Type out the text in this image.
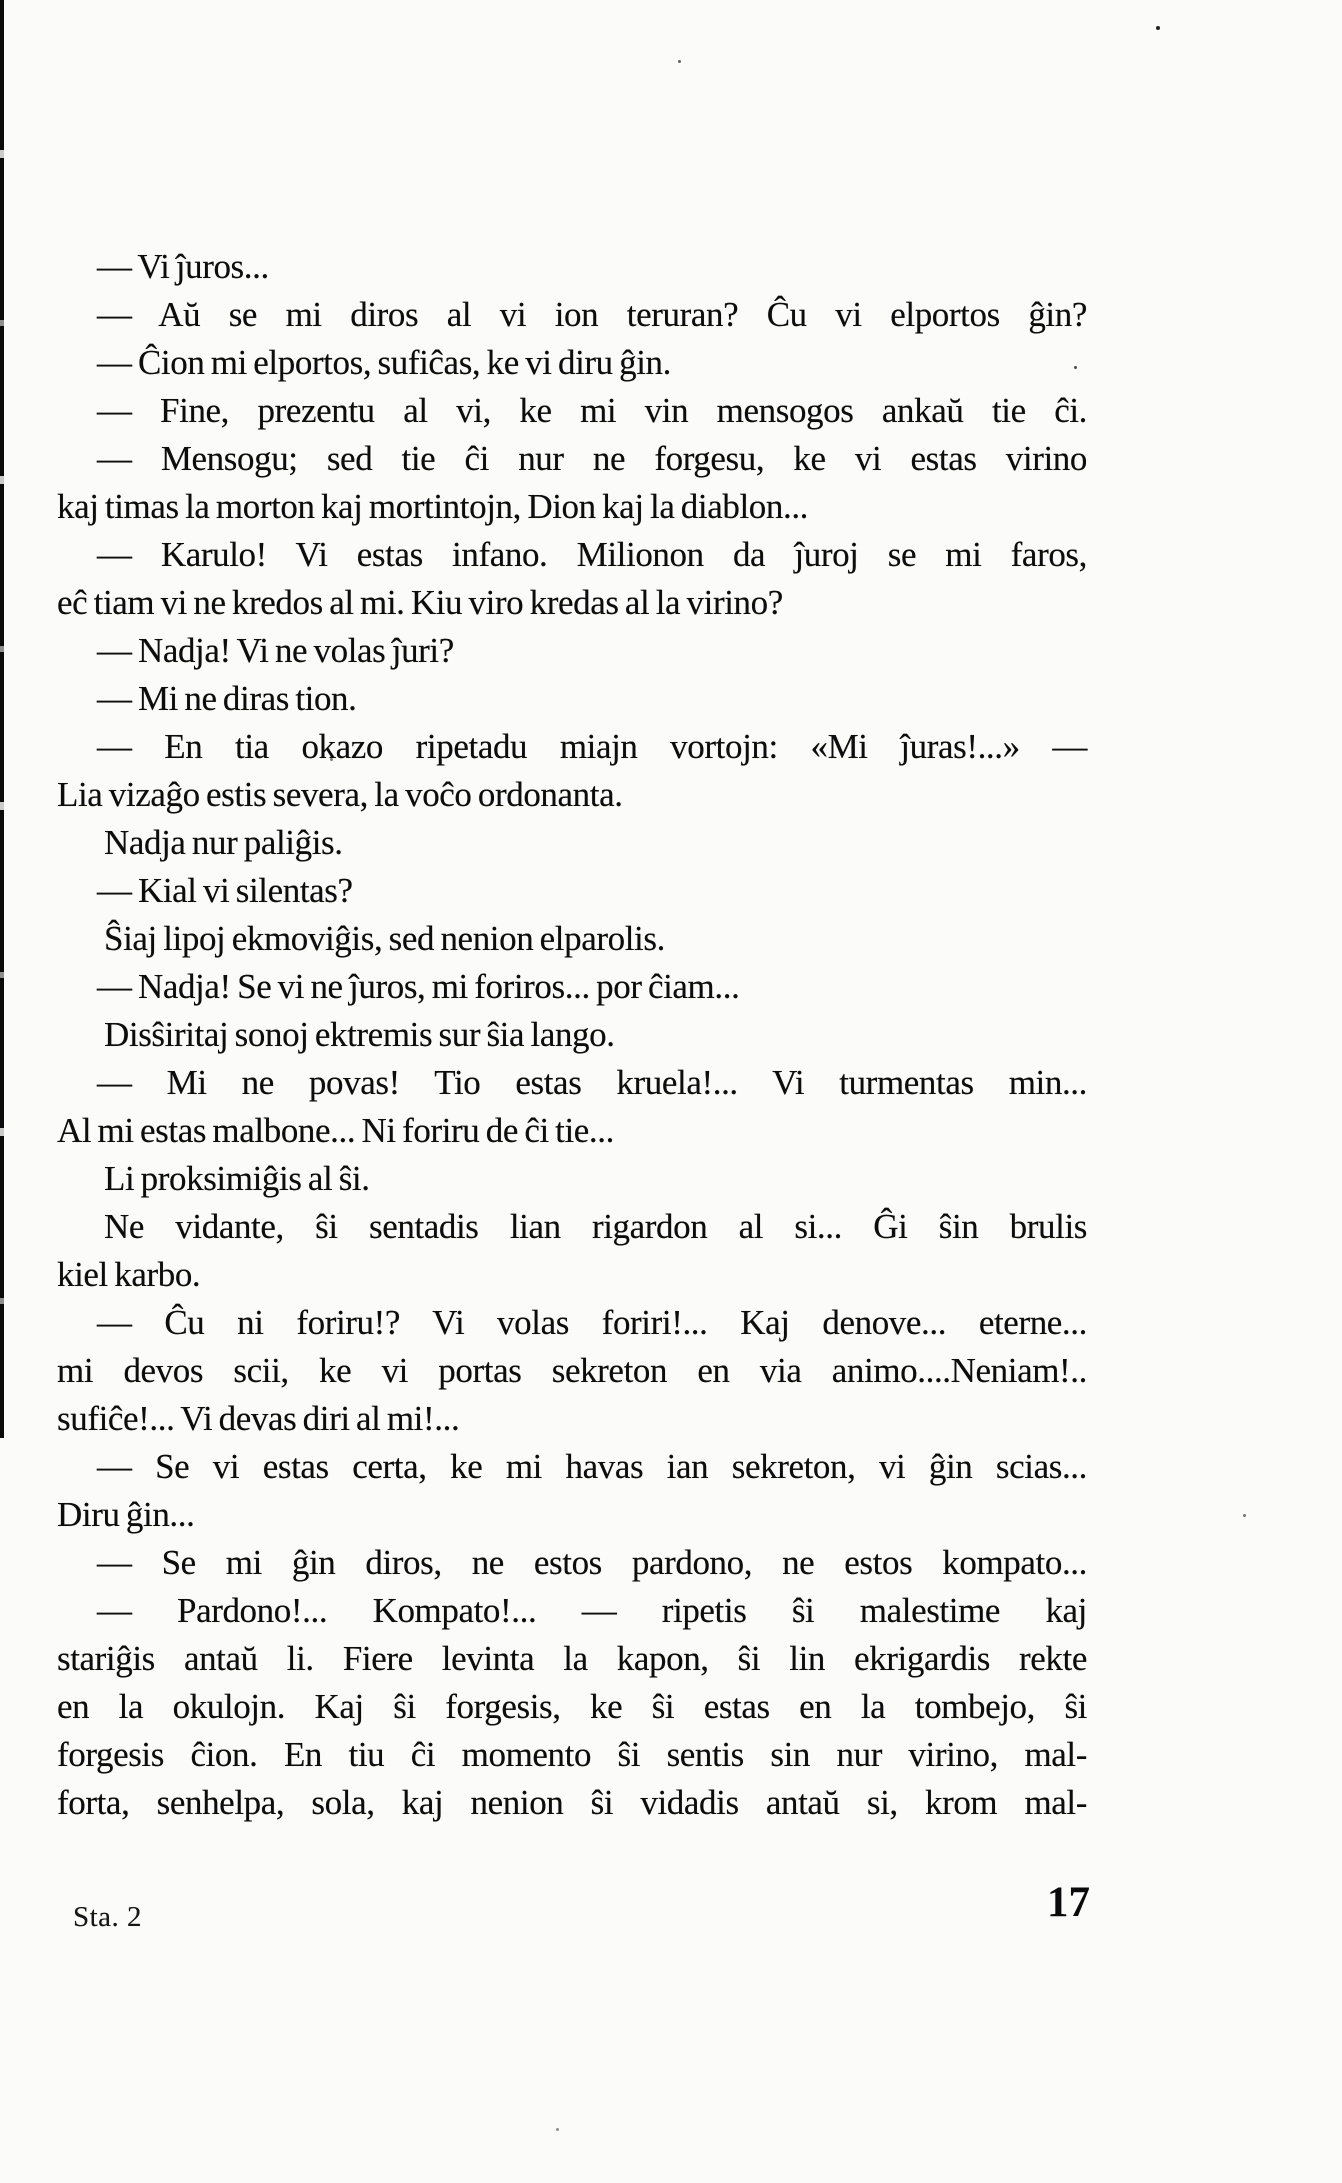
— Vi ĵuros...
— Aŭ se mi diros al vi ion teruran? Ĉu vi elportos ĝin?
— Ĉion mi elportos, sufiĉas, ke vi diru ĝin.
— Fine, prezentu al vi, ke mi vin mensogos ankaŭ tie ĉi.
— Mensogu; sed tie ĉi nur ne forgesu, ke vi estas virino
kaj timas la morton kaj mortintojn, Dion kaj la diablon...
— Karulo! Vi estas infano. Milionon da ĵuroj se mi faros,
eĉ tiam vi ne kredos al mi. Kiu viro kredas al la virino?
— Nadja! Vi ne volas ĵuri?
— Mi ne diras tion.
— En tia okazo ripetadu miajn vortojn: «Mi ĵuras!...» —
Lia vizaĝo estis severa, la voĉo ordonanta.
Nadja nur paliĝis.
— Kial vi silentas?
Ŝiaj lipoj ekmoviĝis, sed nenion elparolis.
— Nadja! Se vi ne ĵuros, mi foriros... por ĉiam...
Disŝiritaj sonoj ektremis sur ŝia lango.
— Mi ne povas! Tio estas kruela!... Vi turmentas min...
Al mi estas malbone... Ni foriru de ĉi tie...
Li proksimiĝis al ŝi.
Ne vidante, ŝi sentadis lian rigardon al si... Ĝi ŝin brulis
kiel karbo.
— Ĉu ni foriru!? Vi volas foriri!... Kaj denove... eterne...
mi devos scii, ke vi portas sekreton en via animo....Neniam!..
sufiĉe!... Vi devas diri al mi!...
— Se vi estas certa, ke mi havas ian sekreton, vi ĝin scias...
Diru ĝin...
— Se mi ĝin diros, ne estos pardono, ne estos kompato...
— Pardono!... Kompato!... — ripetis ŝi malestime kaj
stariĝis antaŭ li. Fiere levinta la kapon, ŝi lin ekrigardis rekte
en la okulojn. Kaj ŝi forgesis, ke ŝi estas en la tombejo, ŝi
forgesis ĉion. En tiu ĉi momento ŝi sentis sin nur virino, mal-
forta, senhelpa, sola, kaj nenion ŝi vidadis antaŭ si, krom mal-
Sta. 2	17
